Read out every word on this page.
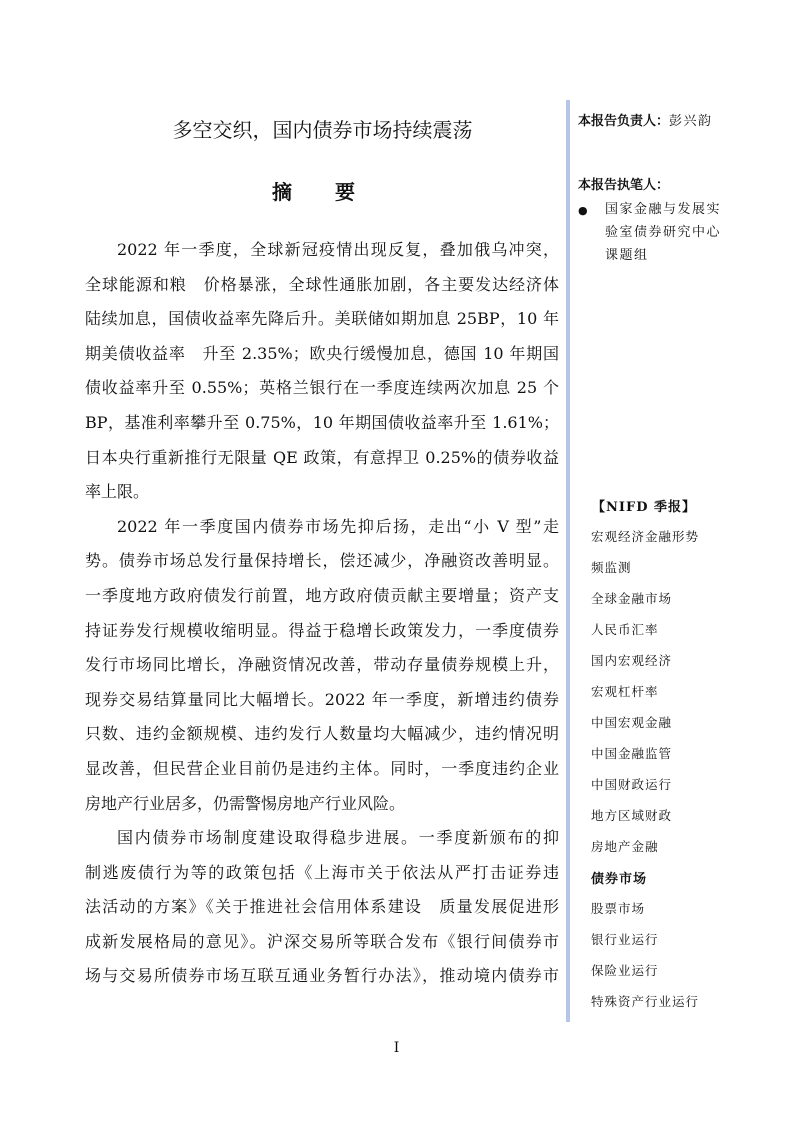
多空交织，国内债券市场持续震荡
摘 要
2022 年一季度，全球新冠疫情出现反复，叠加俄乌冲突，
全球能源和粮　价格暴涨，全球性通胀加剧，各主要发达经济体
陆续加息，国债收益率先降后升。美联储如期加息 25BP，10 年
期美债收益率　升至 2.35%；欧央行缓慢加息，德国 10 年期国
债收益率升至 0.55%；英格兰银行在一季度连续两次加息 25 个
BP，基准利率攀升至 0.75%，10 年期国债收益率升至 1.61%；
日本央行重新推行无限量 QE 政策，有意捍卫 0.25%的债券收益
率上限。
2022 年一季度国内债券市场先抑后扬，走出“小 V 型”走
势。债券市场总发行量保持增长，偿还减少，净融资改善明显。
一季度地方政府债发行前置，地方政府债贡献主要增量；资产支
持证券发行规模收缩明显。得益于稳增长政策发力，一季度债券
发行市场同比增长，净融资情况改善，带动存量债券规模上升，
现券交易结算量同比大幅增长。2022 年一季度，新增违约债券
只数、违约金额规模、违约发行人数量均大幅减少，违约情况明
显改善，但民营企业目前仍是违约主体。同时，一季度违约企业
房地产行业居多，仍需警惕房地产行业风险。
国内债券市场制度建设取得稳步进展。一季度新颁布的抑
制逃废债行为等的政策包括《上海市关于依法从严打击证券违
法活动的方案》《关于推进社会信用体系建设　质量发展促进形
成新发展格局的意见》。沪深交易所等联合发布《银行间债券市
场与交易所债券市场互联互通业务暂行办法》，推动境内债券市
本报告负责人：彭兴韵
本报告执笔人：
● 国家金融与发展实验室债券研究中心课题组
【NIFD 季报】
宏观经济金融形势
频监测
全球金融市场
人民币汇率
国内宏观经济
宏观杠杆率
中国宏观金融
中国金融监管
中国财政运行
地方区域财政
房地产金融
债券市场
股票市场
银行业运行
保险业运行
特殊资产行业运行
I
